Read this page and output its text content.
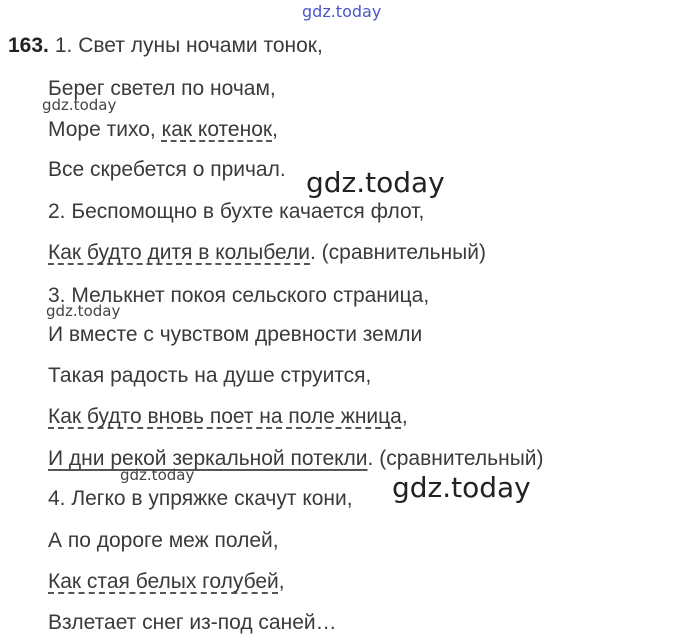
gdz.today
163. 1. Свет луны ночами тонок,
Берег светел по ночам,
gdz.today
Море тихо, как котенок,
Все скребется о причал. gdz.today
2. Беспомощно в бухте качается флот,
Как будто дитя в колыбели. (сравнительный)
3. Мелькнет покоя сельского страница,
gdz.today
И вместе с чувством древности земли
Такая радость на душе струится,
Как будто вновь поет на поле жница,
И дни рекой зеркальной потекли. (сравнительный)
gdz.today
4. Легко в упряжке скачут кони, gdz.today
А по дороге меж полей,
Как стая белых голубей,
Взлетает снег из-под саней…
